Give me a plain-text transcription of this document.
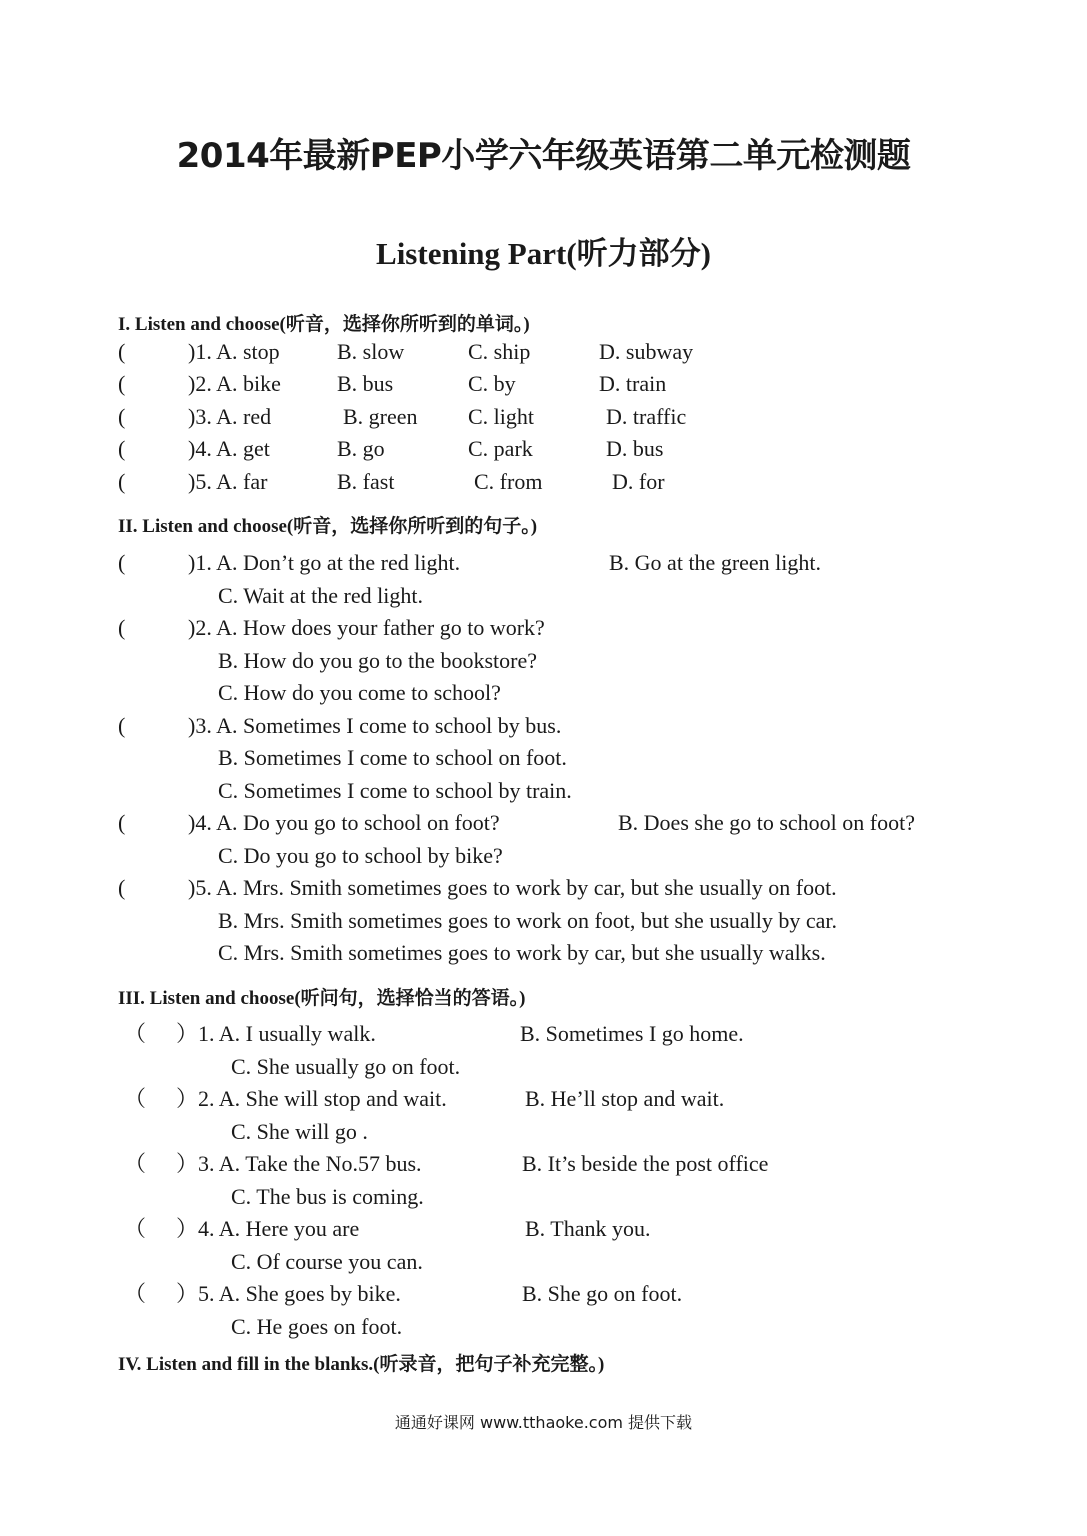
2014年最新PEP小学六年级英语第二单元检测题
Listening Part(听力部分)
I. Listen and choose(听音，选择你所听到的单词。)
(	)1. A. stop	B. slow	C. ship	D. subway
(	)2. A. bike	B. bus	C. by	D. train
(	)3. A. red	B. green C. light	D. traffic
(	)4. A. get	B. go	C. park	D. bus
(	)5. A. far	B. fast	C. from	D. for
II. Listen and choose(听音，选择你所听到的句子。)
(	)1. A. Don’t go at the red light.	B. Go at the green light.
C. Wait at the red light.
(	)2. A. How does your father go to work?
B. How do you go to the bookstore?
C. How do you come to school?
(	)3. A. Sometimes I come to school by bus.
B. Sometimes I come to school on foot.
C. Sometimes I come to school by train.
(	)4. A. Do you go to school on foot?	B. Does she go to school on foot?
C. Do you go to school by bike?
(	)5. A. Mrs. Smith sometimes goes to work by car, but she usually on foot.
B. Mrs. Smith sometimes goes to work on foot, but she usually by car.
C. Mrs. Smith sometimes goes to work by car, but she usually walks.
III. Listen and choose(听问句，选择恰当的答语。)
（ ）1. A. I usually walk.	B. Sometimes I go home.
C. She usually go on foot.
（ ）2. A. She will stop and wait.	B. He’ll stop and wait.
C. She will go .
（ ）3. A. Take the No.57 bus.	B. It’s beside the post office
C. The bus is coming.
（ ）4. A. Here you are	B. Thank you.
C. Of course you can.
（ ）5. A. She goes by bike.	B. She go on foot.
C. He goes on foot.
IV. Listen and fill in the blanks.(听录音，把句子补充完整。)
通通好课网 www.tthaoke.com 提供下载
